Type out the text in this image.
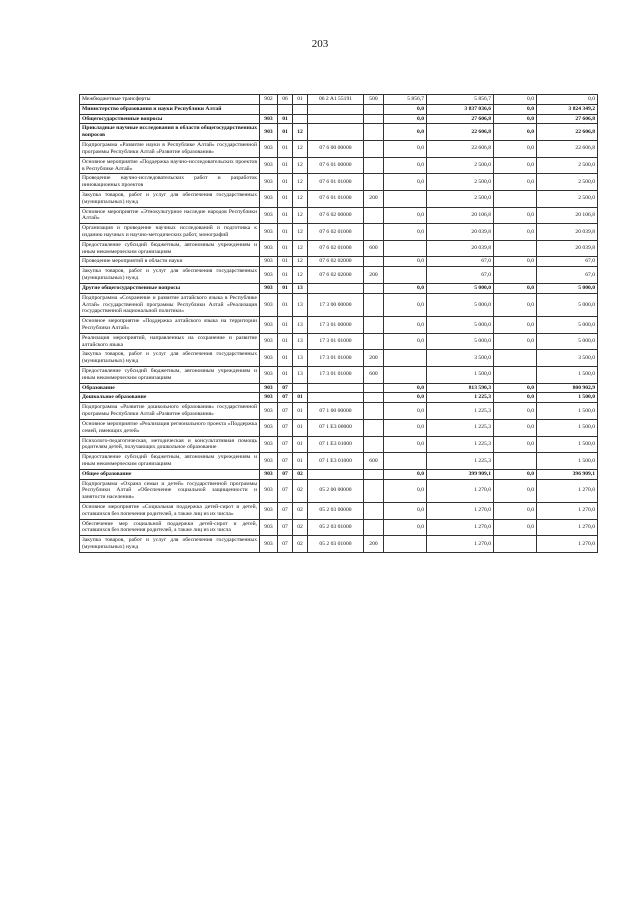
203
Межбюджетные трансферты	902	06	01	06 2 A1 55191	500	5 856,7	5 856,7	0,0	0,0
Министерство образования и науки Республики Алтай						0,0	3 837 036,6	0,0	3 824 349,2
Общегосударственные вопросы	903	01				0,0	27 606,8	0,0	27 606,8
Прикладные научные исследования в области общегосударственных вопросов	903	01	12			0,0	22 606,8	0,0	22 606,8
Подпрограмма «Развитие науки в Республике Алтай» государственной программы Республики Алтай «Развитие образования»	903	01	12	07 6 00 00000		0,0	22 606,8	0,0	22 606,8
Основное мероприятие «Поддержка научно-исследовательских проектов в Республике Алтай»	903	01	12	07 6 01 00000		0,0	2 500,0	0,0	2 500,0
Проведение научно-исследовательских работ и разработок инновационных проектов	903	01	12	07 6 01 01000		0,0	2 500,0	0,0	2 500,0
Закупка товаров, работ и услуг для обеспечения государственных (муниципальных) нужд	903	01	12	07 6 01 01000	200		2 500,0		2 500,0
Основное мероприятие «Этнокультурное наследие народов Республики Алтай»	903	01	12	07 6 02 00000		0,0	20 106,8	0,0	20 106,8
Организация и проведение научных исследований и подготовка к изданию научных и научно-методических работ, монографий	903	01	12	07 6 02 01000		0,0	20 039,8	0,0	20 039,8
Предоставление субсидий бюджетным, автономным учреждениям и иным некоммерческим организациям	903	01	12	07 6 02 01000	600		20 039,8		20 039,8
Проведение мероприятий в области науки	903	01	12	07 6 02 02000		0,0	67,0	0,0	67,0
Закупка товаров, работ и услуг для обеспечения государственных (муниципальных) нужд	903	01	12	07 6 02 02000	200		67,0		67,0
Другие общегосударственные вопросы	903	01	13			0,0	5 000,0	0,0	5 000,0
Подпрограмма «Сохранение и развитие алтайского языка в Республике Алтай» государственной программы Республики Алтай «Реализация государственной национальной политики»	903	01	13	17 3 00 00000		0,0	5 000,0	0,0	5 000,0
Основное мероприятие «Поддержка алтайского языка на территории Республики Алтай»	903	01	13	17 3 01 00000		0,0	5 000,0	0,0	5 000,0
Реализация мероприятий, направленных на сохранение и развитие алтайского языка	903	01	13	17 3 01 01000		0,0	5 000,0	0,0	5 000,0
Закупка товаров, работ и услуг для обеспечения государственных (муниципальных) нужд	903	01	13	17 3 01 01000	200		3 500,0		3 500,0
Предоставление субсидий бюджетным, автономным учреждениям и иным некоммерческим организациям	903	01	13	17 3 01 01000	600		1 500,0		1 500,0
Образование	903	07				0,0	813 590,3	0,0	800 902,9
Дошкольное образование	903	07	01			0,0	1 225,3	0,0	1 500,0
Подпрограмма «Развитие дошкольного образования» государственной программы Республики Алтай «Развитие образования»	903	07	01	07 1 00 00000		0,0	1 225,3	0,0	1 500,0
Основное мероприятие «Реализация регионального проекта «Поддержка семей, имеющих детей»	903	07	01	07 1 E3 00000		0,0	1 225,3	0,0	1 500,0
Психолого-педагогическая, методическая и консультативная помощь родителям детей, получающих дошкольное образование	903	07	01	07 1 E3 01000		0,0	1 225,3	0,0	1 500,0
Предоставление субсидий бюджетным, автономным учреждениям и иным некоммерческим организациям	903	07	01	07 1 E3 01000	600		1 225,3		1 500,0
Общее образование	903	07	02			0,0	399 909,1	0,0	396 909,1
Подпрограмма «Охрана семьи и детей» государственной программы Республики Алтай «Обеспечение социальной защищенности и занятости населения»	903	07	02	05 2 00 00000		0,0	1 270,0	0,0	1 270,0
Основное мероприятие «Социальная поддержка детей-сирот и детей, оставшихся без попечения родителей, а также лиц из их числа»	903	07	02	05 2 03 00000		0,0	1 270,0	0,0	1 270,0
Обеспечение мер социальной поддержки детей-сирот и детей, оставшихся без попечения родителей, а также лиц из их числа	903	07	02	05 2 03 01000		0,0	1 270,0	0,0	1 270,0
Закупка товаров, работ и услуг для обеспечения государственных (муниципальных) нужд	903	07	02	05 2 03 01000	200		1 270,0		1 270,0
